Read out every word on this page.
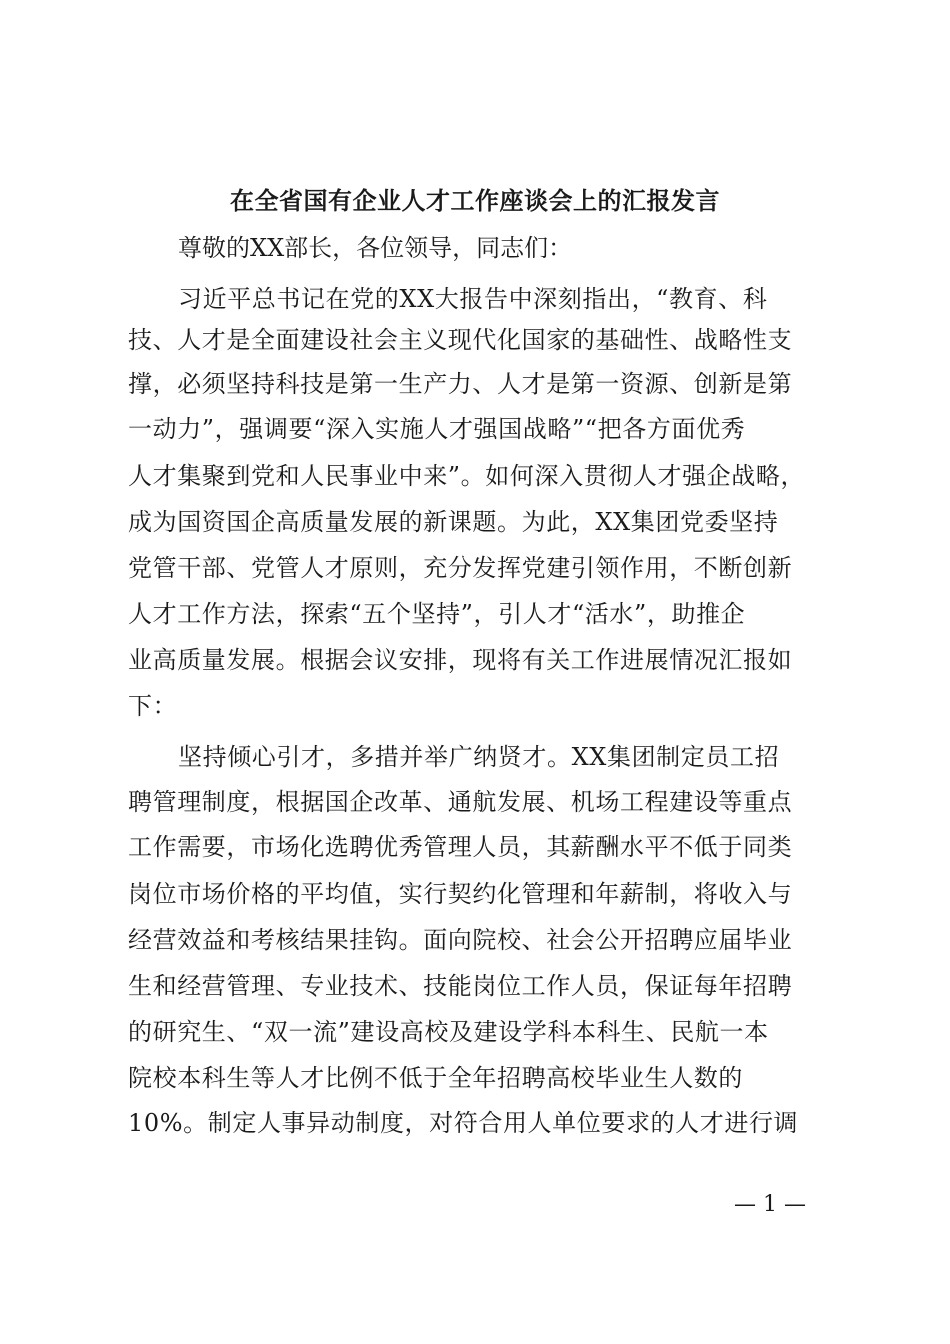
在全省国有企业人才工作座谈会上的汇报发言
尊敬的XX部长，各位领导，同志们：
习近平总书记在党的XX大报告中深刻指出，“教育、科
技、人才是全面建设社会主义现代化国家的基础性、战略性支
撑，必须坚持科技是第一生产力、人才是第一资源、创新是第
一动力”，强调要“深入实施人才强国战略”“把各方面优秀
人才集聚到党和人民事业中来”。如何深入贯彻人才强企战略，
成为国资国企高质量发展的新课题。为此，XX集团党委坚持
党管干部、党管人才原则，充分发挥党建引领作用，不断创新
人才工作方法，探索“五个坚持”，引人才“活水”，助推企
业高质量发展。根据会议安排，现将有关工作进展情况汇报如
下：
坚持倾心引才，多措并举广纳贤才。XX集团制定员工招
聘管理制度，根据国企改革、通航发展、机场工程建设等重点
工作需要，市场化选聘优秀管理人员，其薪酬水平不低于同类
岗位市场价格的平均值，实行契约化管理和年薪制，将收入与
经营效益和考核结果挂钩。面向院校、社会公开招聘应届毕业
生和经营管理、专业技术、技能岗位工作人员，保证每年招聘
的研究生、“双一流”建设高校及建设学科本科生、民航一本
院校本科生等人才比例不低于全年招聘高校毕业生人数的
10%。制定人事异动制度，对符合用人单位要求的人才进行调
— 1 —
